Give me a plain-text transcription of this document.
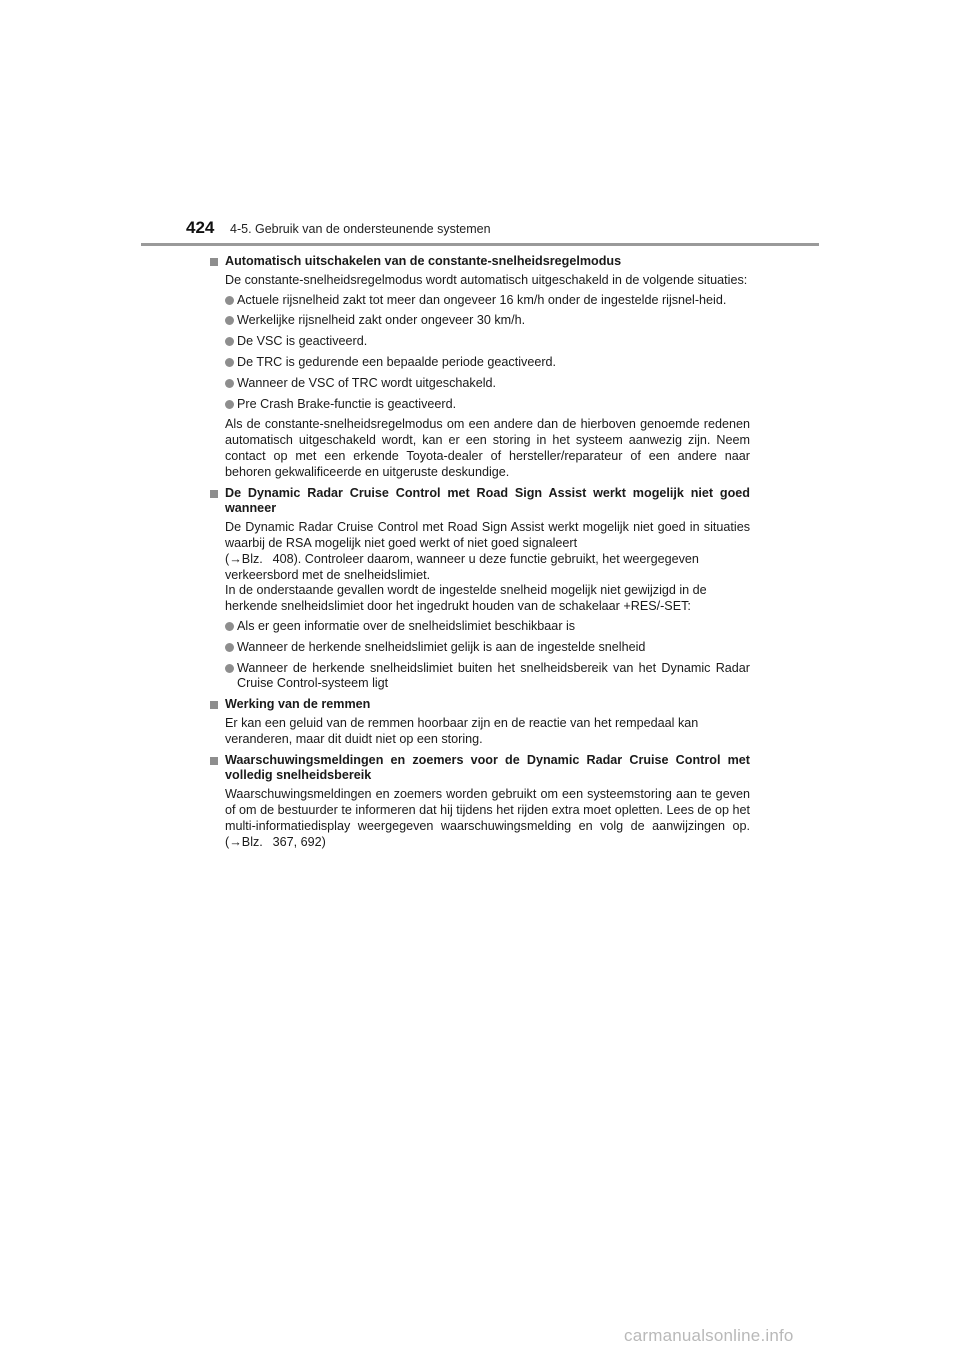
424 4-5. Gebruik van de ondersteunende systemen
Automatisch uitschakelen van de constante-snelheidsregelmodus
De constante-snelheidsregelmodus wordt automatisch uitgeschakeld in de volgende situaties:
Actuele rijsnelheid zakt tot meer dan ongeveer 16 km/h onder de ingestelde rijsnel-heid.
Werkelijke rijsnelheid zakt onder ongeveer 30 km/h.
De VSC is geactiveerd.
De TRC is gedurende een bepaalde periode geactiveerd.
Wanneer de VSC of TRC wordt uitgeschakeld.
Pre Crash Brake-functie is geactiveerd.
Als de constante-snelheidsregelmodus om een andere dan de hierboven genoemde redenen automatisch uitgeschakeld wordt, kan er een storing in het systeem aanwezig zijn. Neem contact op met een erkende Toyota-dealer of hersteller/reparateur of een andere naar behoren gekwalificeerde en uitgeruste deskundige.
De Dynamic Radar Cruise Control met Road Sign Assist werkt mogelijk niet goed wanneer
De Dynamic Radar Cruise Control met Road Sign Assist werkt mogelijk niet goed in situaties waarbij de RSA mogelijk niet goed werkt of niet goed signaleert
(→Blz.  408). Controleer daarom, wanneer u deze functie gebruikt, het weergegeven verkeersbord met de snelheidslimiet.
In de onderstaande gevallen wordt de ingestelde snelheid mogelijk niet gewijzigd in de herkende snelheidslimiet door het ingedrukt houden van de schakelaar +RES/-SET:
Als er geen informatie over de snelheidslimiet beschikbaar is
Wanneer de herkende snelheidslimiet gelijk is aan de ingestelde snelheid
Wanneer de herkende snelheidslimiet buiten het snelheidsbereik van het Dynamic Radar Cruise Control-systeem ligt
Werking van de remmen
Er kan een geluid van de remmen hoorbaar zijn en de reactie van het rempedaal kan veranderen, maar dit duidt niet op een storing.
Waarschuwingsmeldingen en zoemers voor de Dynamic Radar Cruise Control met volledig snelheidsbereik
Waarschuwingsmeldingen en zoemers worden gebruikt om een systeemstoring aan te geven of om de bestuurder te informeren dat hij tijdens het rijden extra moet opletten. Lees de op het multi-informatiedisplay weergegeven waarschuwingsmelding en volg de aanwijzingen op. (→Blz.  367, 692)
carmanualsonline.info
